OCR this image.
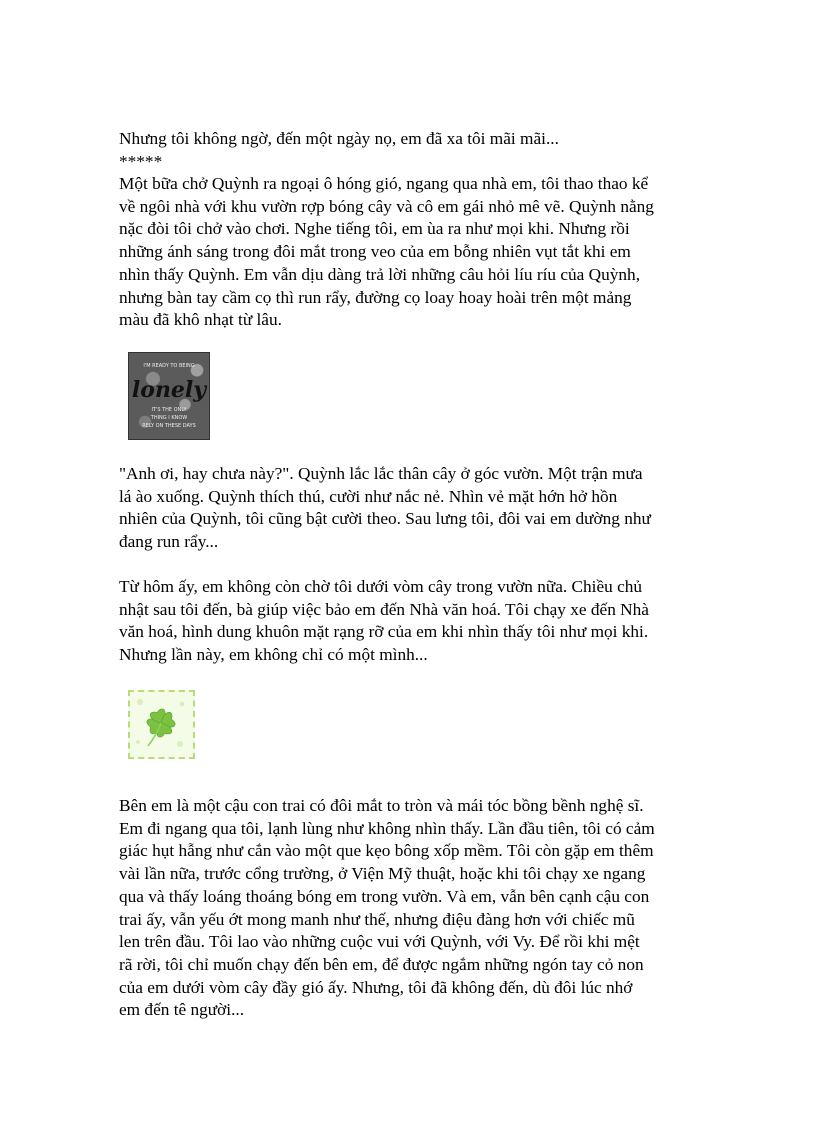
Nhưng tôi không ngờ, đến một ngày nọ, em đã xa tôi mãi mãi...
*****
Một bữa chở Quỳnh ra ngoại ô hóng gió, ngang qua nhà em, tôi thao thao kể
về ngôi nhà với khu vườn rợp bóng cây và cô em gái nhỏ mê vẽ. Quỳnh nằng
nặc đòi tôi chở vào chơi. Nghe tiếng tôi, em ùa ra như mọi khi. Nhưng rồi
những ánh sáng trong đôi mắt trong veo của em bỗng nhiên vụt tắt khi em
nhìn thấy Quỳnh. Em vẫn dịu dàng trả lời những câu hỏi líu ríu của Quỳnh,
nhưng bàn tay cầm cọ thì run rẩy, đường cọ loay hoay hoài trên một mảng
màu đã khô nhạt từ lâu.
I'M READY TO BEING
lonely
IT'S THE ONLY
THING I KNOW
RELY ON THESE DAYS
"Anh ơi, hay chưa này?". Quỳnh lắc lắc thân cây ở góc vườn. Một trận mưa
lá ào xuống. Quỳnh thích thú, cười như nắc nẻ. Nhìn vẻ mặt hớn hở hồn
nhiên của Quỳnh, tôi cũng bật cười theo. Sau lưng tôi, đôi vai em dường như
đang run rẩy...
Từ hôm ấy, em không còn chờ tôi dưới vòm cây trong vườn nữa. Chiều chủ
nhật sau tôi đến, bà giúp việc bảo em đến Nhà văn hoá. Tôi chạy xe đến Nhà
văn hoá, hình dung khuôn mặt rạng rỡ của em khi nhìn thấy tôi như mọi khi.
Nhưng lần này, em không chỉ có một mình...
Bên em là một cậu con trai có đôi mắt to tròn và mái tóc bồng bềnh nghệ sĩ.
Em đi ngang qua tôi, lạnh lùng như không nhìn thấy. Lần đầu tiên, tôi có cảm
giác hụt hẫng như cắn vào một que kẹo bông xốp mềm. Tôi còn gặp em thêm
vài lần nữa, trước cổng trường, ở Viện Mỹ thuật, hoặc khi tôi chạy xe ngang
qua và thấy loáng thoáng bóng em trong vườn. Và em, vẫn bên cạnh cậu con
trai ấy, vẫn yếu ớt mong manh như thế, nhưng điệu đàng hơn với chiếc mũ
len trên đầu. Tôi lao vào những cuộc vui với Quỳnh, với Vy. Để rồi khi mệt
rã rời, tôi chỉ muốn chạy đến bên em, để được ngắm những ngón tay cỏ non
của em dưới vòm cây đầy gió ấy. Nhưng, tôi đã không đến, dù đôi lúc nhớ
em đến tê người...
